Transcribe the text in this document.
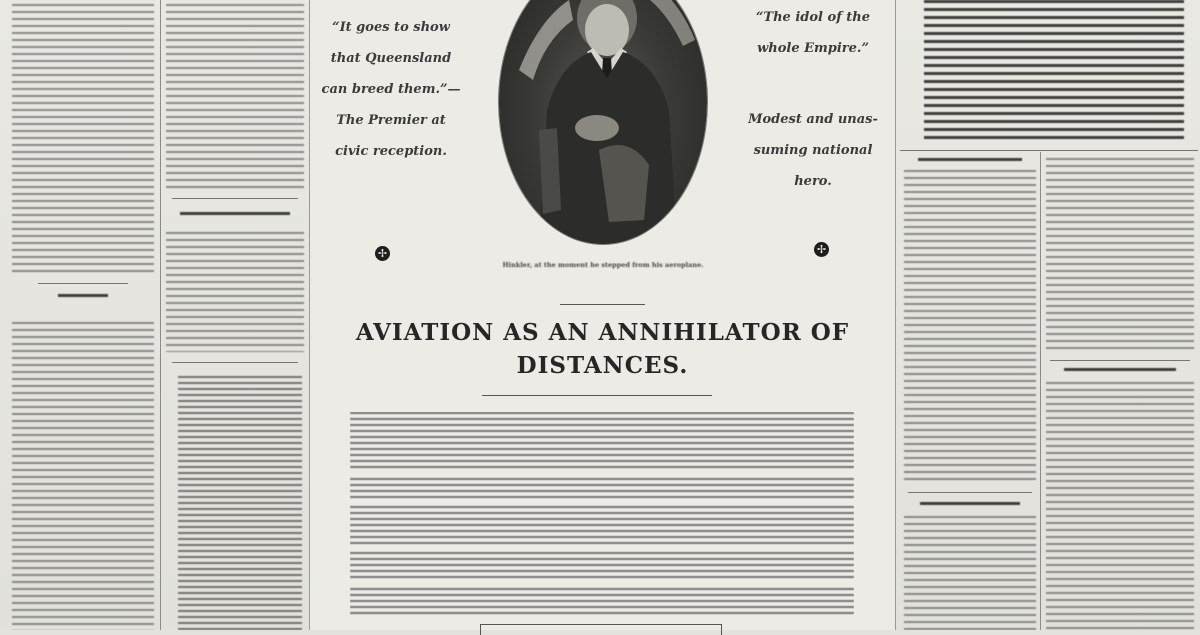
“It goes to show
that Queensland
can breed them.”—
The Premier at
civic reception.
“The idol of the
whole Empire.”
Modest and unas-
suming national
hero.
✢	✢
Hinkler, at the moment he stepped from his aeroplane.
AVIATION AS AN ANNIHILATOR OF
DISTANCES.
